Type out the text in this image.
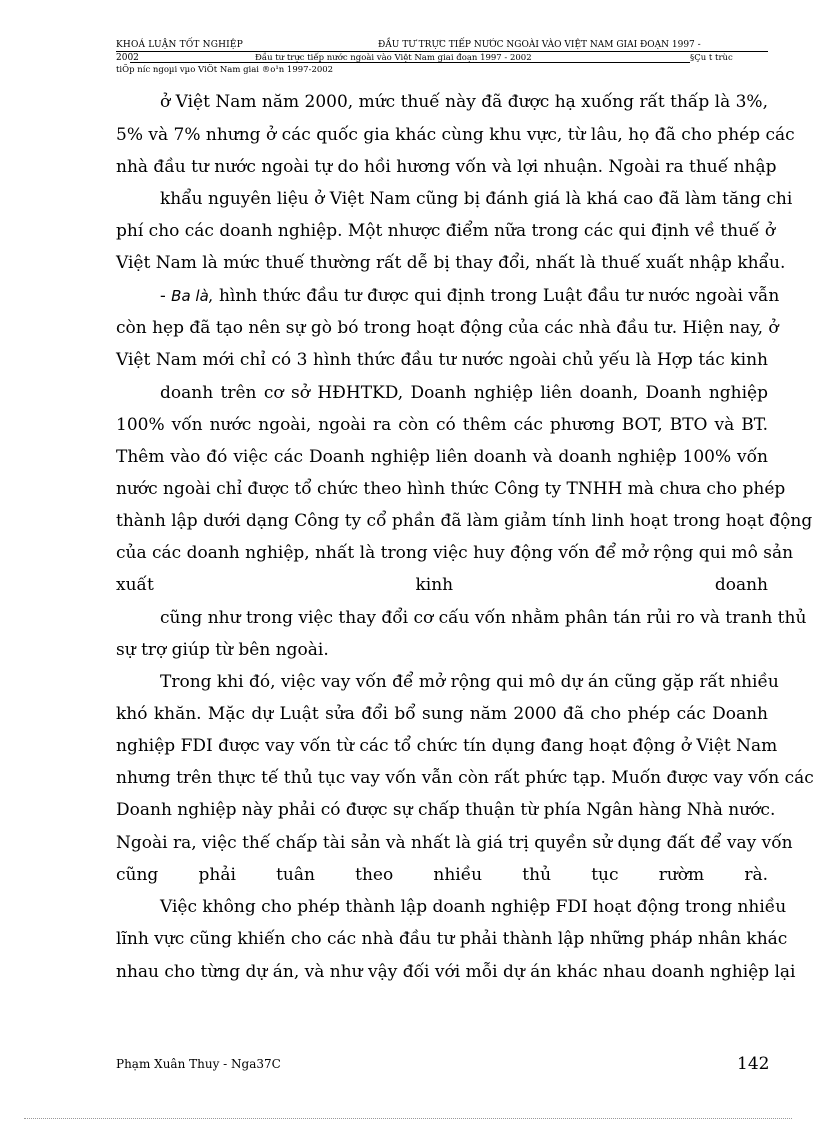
KHOÁ LUẬN TỐT NGHIỆP	ĐẦU TƯ TRỰC TIẾP NƯỚC NGOÀI VÀO VIỆT NAM GIAI ĐOẠN 1997 -
2002	Đầu tư trực tiếp nước ngoài vào Việt Nam giai đoạn 1997 - 2002	§Çu t trùc
tiÕp níc ngoµi vµo ViÖt Nam giai ®o¹n 1997-2002
ở Việt Nam năm 2000, mức thuế này đã được hạ xuống rất thấp là 3%,
5% và 7% nhưng ở các quốc gia khác cùng khu vực, từ lâu, họ đã cho phép các
nhà đầu tư nước ngoài tự do hồi hương vốn và lợi nhuận. Ngoài ra thuế nhập
khẩu nguyên liệu ở Việt Nam cũng bị đánh giá là khá cao đã làm tăng chi
phí cho các doanh nghiệp. Một nhược điểm nữa trong các qui định về thuế ở
Việt Nam là mức thuế thường rất dễ bị thay đổi, nhất là thuế xuất nhập khẩu.
- Ba là, hình thức đầu tư được qui định trong Luật đầu tư nước ngoài vẫn
còn hẹp đã tạo nên sự gò bó trong hoạt động của các nhà đầu tư. Hiện nay, ở
Việt Nam mới chỉ có 3 hình thức đầu tư nước ngoài chủ yếu là Hợp tác kinh
doanh trên cơ sở HĐHTKD, Doanh nghiệp liên doanh, Doanh nghiệp
100% vốn nước ngoài, ngoài ra còn có thêm các phương BOT, BTO và BT.
Thêm vào đó việc các Doanh nghiệp liên doanh và doanh nghiệp 100% vốn
nước ngoài chỉ được tổ chức theo hình thức Công ty TNHH mà chưa cho phép
thành lập dưới dạng Công ty cổ phần đã làm giảm tính linh hoạt trong hoạt động
của các doanh nghiệp, nhất là trong việc huy động vốn để mở rộng qui mô sản
xuất kinh doanh
cũng như trong việc thay đổi cơ cấu vốn nhằm phân tán rủi ro và tranh thủ
sự trợ giúp từ bên ngoài.
Trong khi đó, việc vay vốn để mở rộng qui mô dự án cũng gặp rất nhiều
khó khăn. Mặc dự Luật sửa đổi bổ sung năm 2000 đã cho phép các Doanh
nghiệp FDI được vay vốn từ các tổ chức tín dụng đang hoạt động ở Việt Nam
nhưng trên thực tế thủ tục vay vốn vẫn còn rất phức tạp. Muốn được vay vốn các
Doanh nghiệp này phải có được sự chấp thuận từ phía Ngân hàng Nhà nước.
Ngoài ra, việc thế chấp tài sản và nhất là giá trị quyền sử dụng đất để vay vốn
cũng phải tuân theo nhiều thủ tục rườm rà.
Việc không cho phép thành lập doanh nghiệp FDI hoạt động trong nhiều
lĩnh vực cũng khiến cho các nhà đầu tư phải thành lập những pháp nhân khác
nhau cho từng dự án, và như vậy đối với mỗi dự án khác nhau doanh nghiệp lại
Phạm Xuân Thuy - Nga37C	142
